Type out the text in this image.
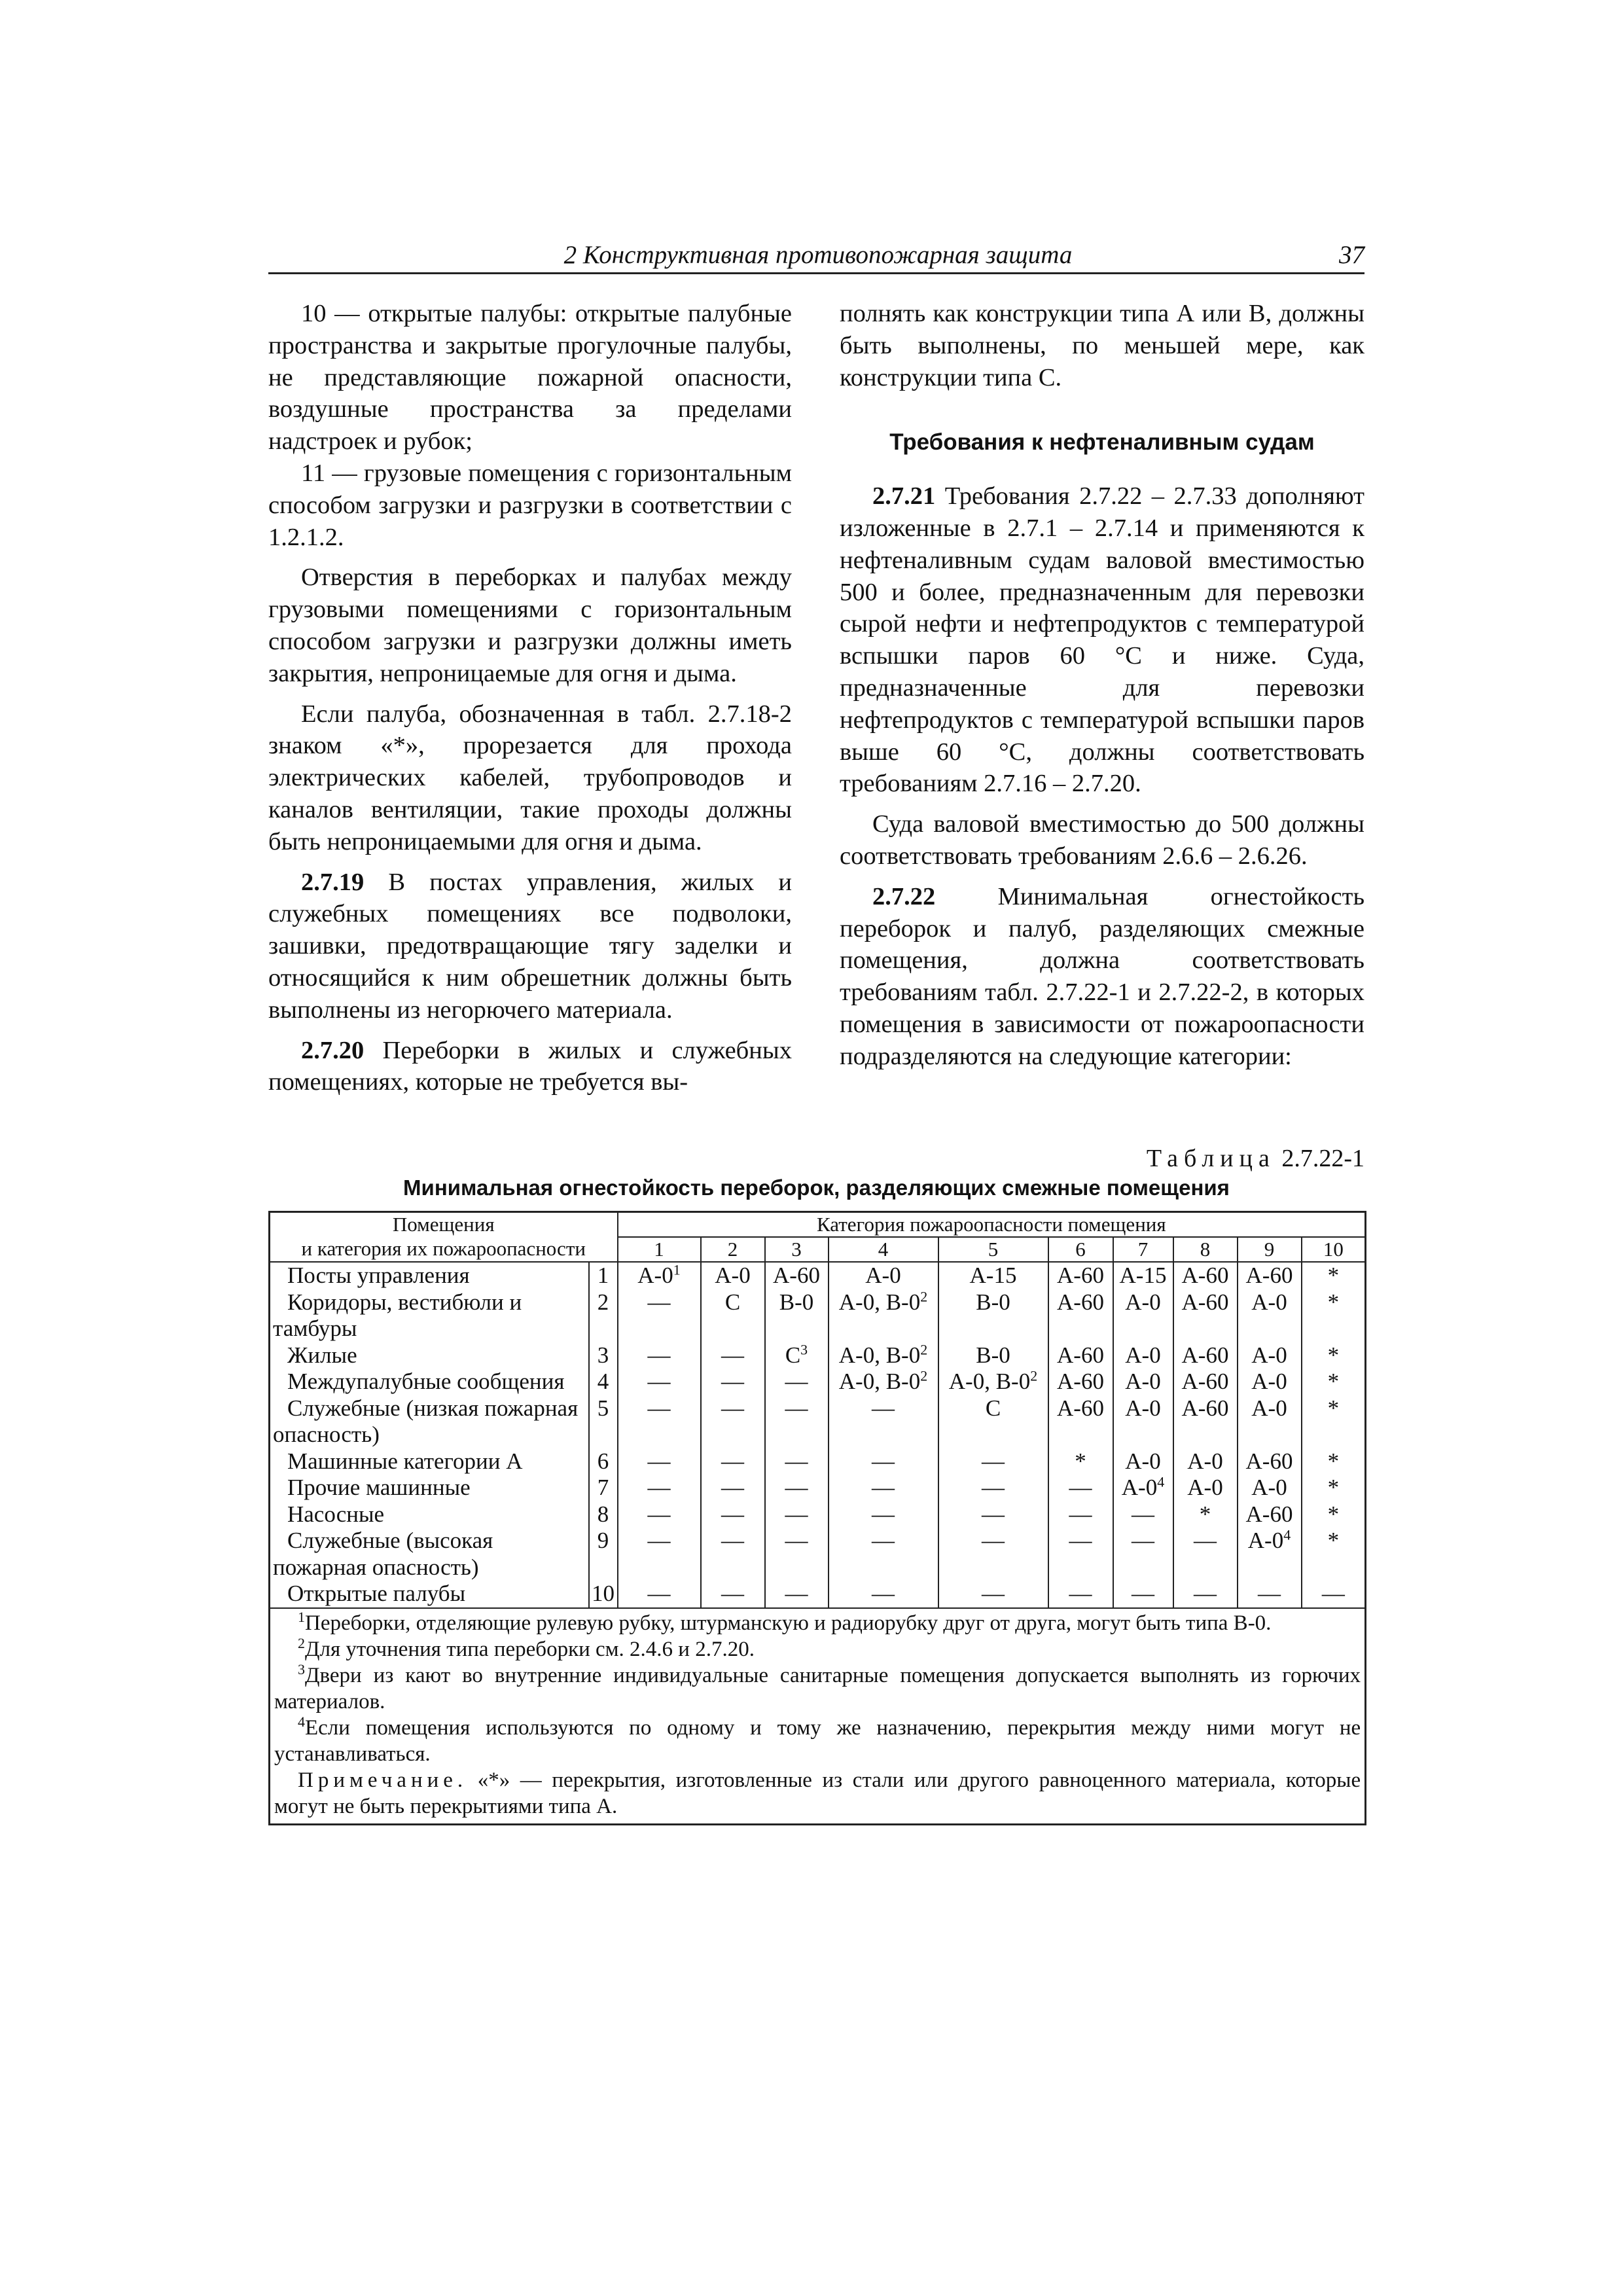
2 Конструктивная противопожарная защита	37

10 — открытые палубы: открытые палубные пространства и закрытые прогулочные палубы, не представляющие пожарной опасности, воздушные пространства за пределами надстроек и рубок;

11 — грузовые помещения с горизонтальным способом загрузки и разгрузки в соответствии с 1.2.1.2.

Отверстия в переборках и палубах между грузовыми помещениями с горизонтальным способом загрузки и разгрузки должны иметь закрытия, непроницаемые для огня и дыма.

Если палуба, обозначенная в табл. 2.7.18-2 знаком «*», прорезается для прохода электрических кабелей, трубопроводов и каналов вентиляции, такие проходы должны быть непроницаемыми для огня и дыма.

2.7.19 В постах управления, жилых и служебных помещениях все подволоки, зашивки, предотвращающие тягу заделки и относящийся к ним обрешетник должны быть выполнены из негорючего материала.

2.7.20 Переборки в жилых и служебных помещениях, которые не требуется вы-

полнять как конструкции типа А или В, должны быть выполнены, по меньшей мере, как конструкции типа С.

Требования к нефтеналивным судам

2.7.21 Требования 2.7.22 – 2.7.33 дополняют изложенные в 2.7.1 – 2.7.14 и применяются к нефтеналивным судам валовой вместимостью 500 и более, предназначенным для перевозки сырой нефти и нефтепродуктов с температурой вспышки паров 60 °С и ниже. Суда, предназначенные для перевозки нефтепродуктов с температурой вспышки паров выше 60 °С, должны соответствовать требованиям 2.7.16 – 2.7.20.

Суда валовой вместимостью до 500 должны соответствовать требованиям 2.6.6 – 2.6.26.

2.7.22 Минимальная огнестойкость переборок и палуб, разделяющих смежные помещения, должна соответствовать требованиям табл. 2.7.22-1 и 2.7.22-2, в которых помещения в зависимости от пожароопасности подразделяются на следующие категории:

Таблица 2.7.22-1
Минимальная огнестойкость переборок, разделяющих смежные помещения
Помещения		Категория пожароопасности помещения									
и категория их пожароопасности		1	2	3	4	5	6	7	8	9	10
Посты управления	1	$А-0^1$	А-0	А-60	А-0	А-15	А-60	А-15	А-60	А-60	*
Коридоры, вестибюли и тамбуры	2	—	С	В-0	А-0, $В-0^2$	В-0	А-60	А-0	А-60	А-0	*
Жилые	3	—	—	$С^3$	А-0, $В-0^2$	В-0	А-60	А-0	А-60	А-0	*
Междупалубные сообщения	4	—	—	—	А-0, $В-0^2$	А-0, $В-0^2$	А-60	А-0	А-60	А-0	*
Служебные (низкая пожарная опасность)	5	—	—	—	—	С	А-60	А-0	А-60	А-0	*
Машинные категории А	6	—	—	—	—	—	*	А-0	А-0	А-60	*
Прочие машинные	7	—	—	—	—	—	—	$А-0^4$	А-0	А-0	*
Насосные	8	—	—	—	—	—	—	—	*	А-60	*
Служебные (высокая пожарная опасность)	9	—	—	—	—	—	—	—	—	$А-0^4$	*
Открытые палубы	10	—	—	—	—	—	—	—	—	—	—

$^1$Переборки, отделяющие рулевую рубку, штурманскую и радиорубку друг от друга, могут быть типа В-0.

$^2$Для уточнения типа переборки см. 2.4.6 и 2.7.20.

$^3$Двери из кают во внутренние индивидуальные санитарные помещения допускается выполнять из горючих материалов.

$^4$Если помещения используются по одному и тому же назначению, перекрытия между ними могут не устанавливаться.

Примечание. «*» — перекрытия, изготовленные из стали или другого равноценного материала, которые могут не быть перекрытиями типа А.											
